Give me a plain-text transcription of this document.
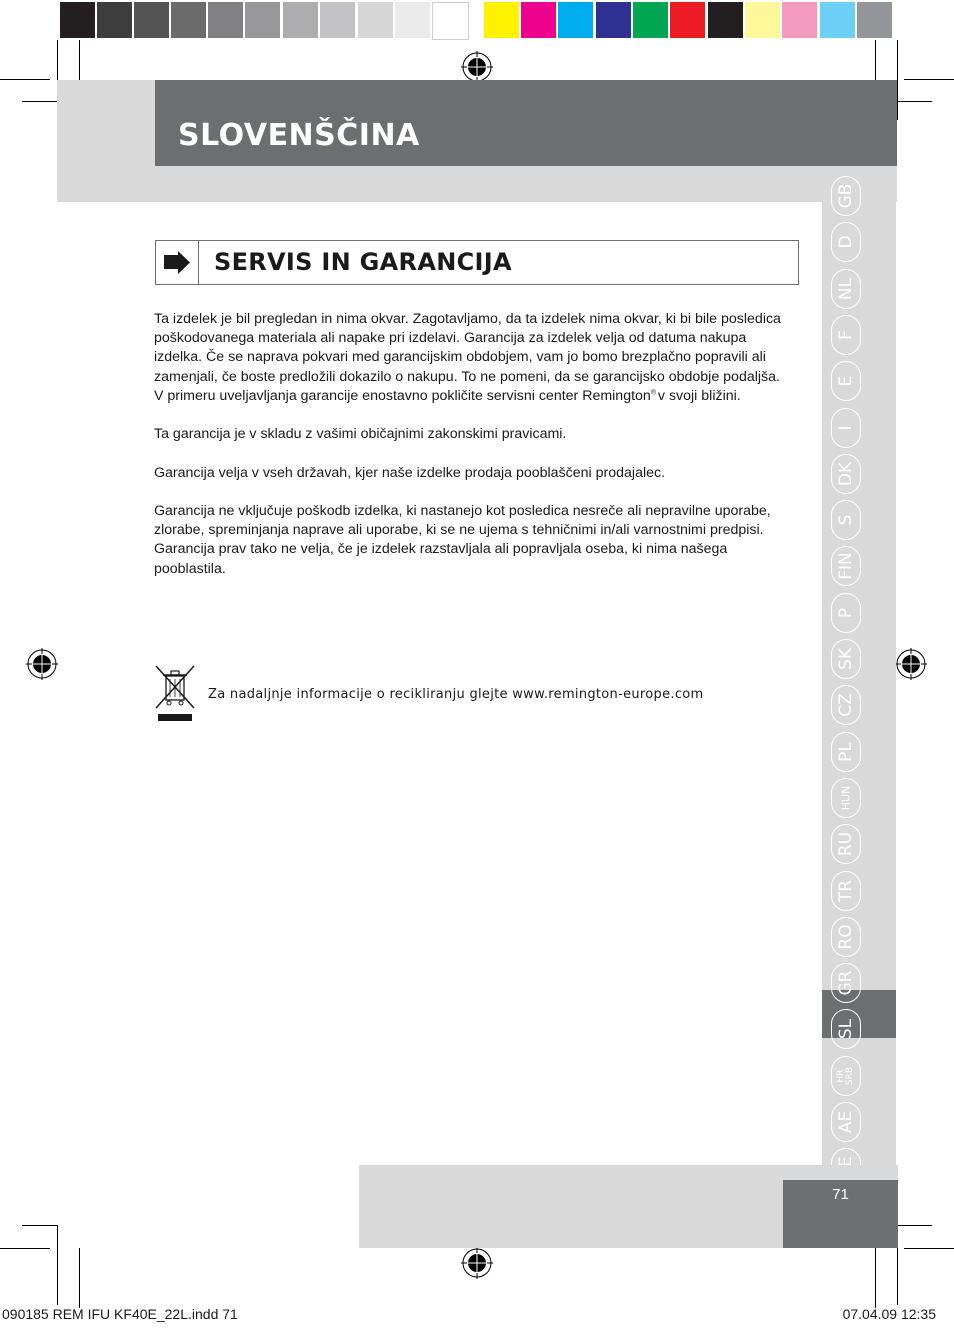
SLOVENŠČINA
GB
D
NL
F
E
I
DK
S
FIN
P
SK
CZ
PL
HUN
RU
TR
RO
GR
SL
HR SRB
AE
71
SERVIS IN GARANCIJA

Ta izdelek je bil pregledan in nima okvar. Zagotavljamo, da ta izdelek nima okvar, ki bi bile posledica poškodovanega materiala ali napake pri izdelavi. Garancija za izdelek velja od datuma nakupa izdelka. Če se naprava pokvari med garancijskim obdobjem, vam jo bomo brezplačno popravili ali zamenjali, če boste predložili dokazilo o nakupu. To ne pomeni, da se garancijsko obdobje podaljša.

V primeru uveljavljanja garancije enostavno pokličite servisni center Remington® v svoji bližini.

Ta garancija je v skladu z vašimi običajnimi zakonskimi pravicami.

Garancija velja v vseh državah, kjer naše izdelke prodaja pooblaščeni prodajalec.

Garancija ne vključuje poškodb izdelka, ki nastanejo kot posledica nesreče ali nepravilne uporabe, zlorabe, spreminjanja naprave ali uporabe, ki se ne ujema s tehničnimi in/ali varnostnimi predpisi. Garancija prav tako ne velja, če je izdelek razstavljala ali popravljala oseba, ki nima našega pooblastila.

Za nadaljnje informacije o recikliranju glejte www.remington-europe.com
090185 REM IFU KF40E_22L.indd 71	07.04.09 12:35
